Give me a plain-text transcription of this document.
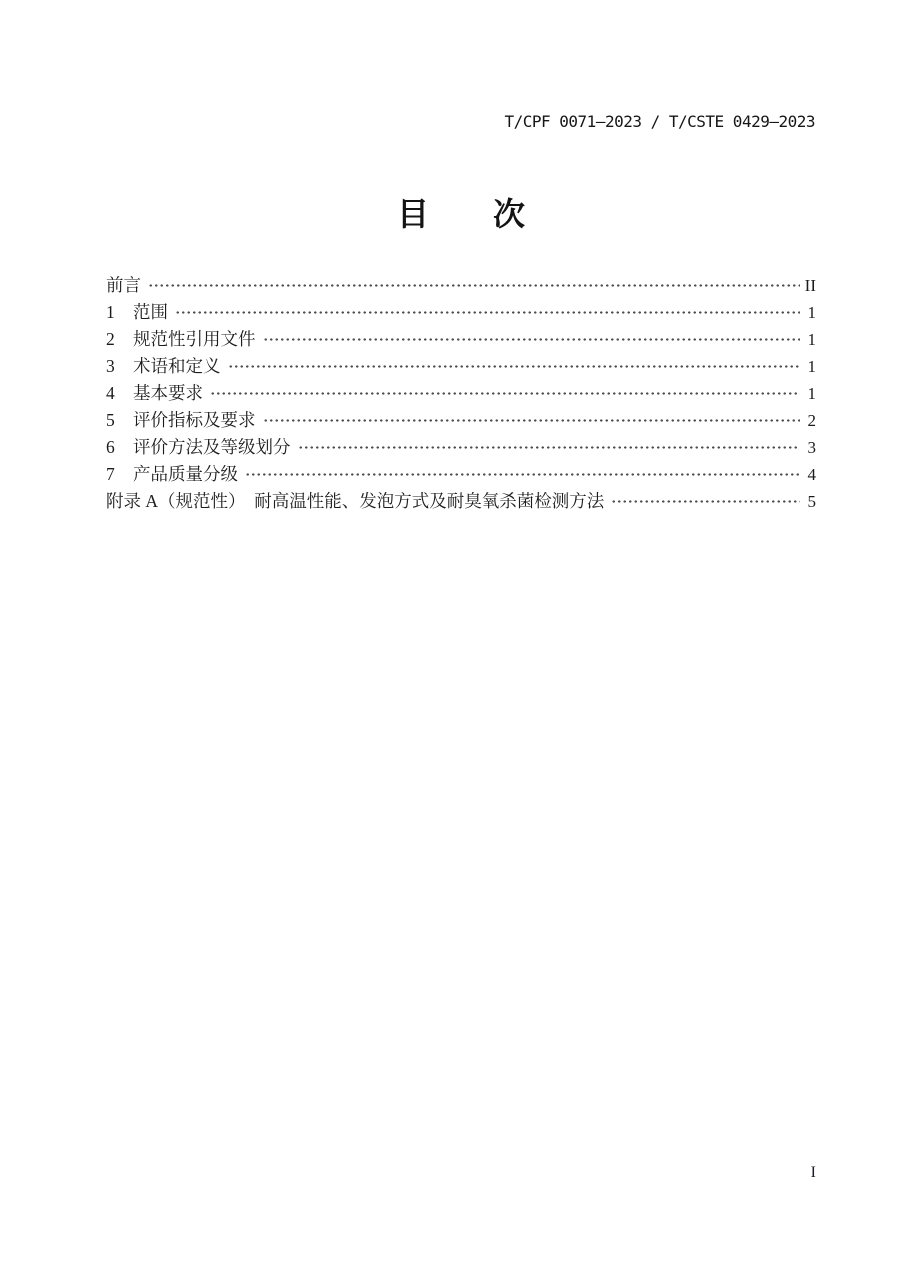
T/CPF 0071—2023 / T/CSTE 0429—2023
目　　次
前言	II
1	范围	1
2	规范性引用文件	1
3	术语和定义	1
4	基本要求	1
5	评价指标及要求	2
6	评价方法及等级划分	3
7	产品质量分级	4
附录 A（规范性）　耐高温性能、发泡方式及耐臭氧杀菌检测方法	5
I
